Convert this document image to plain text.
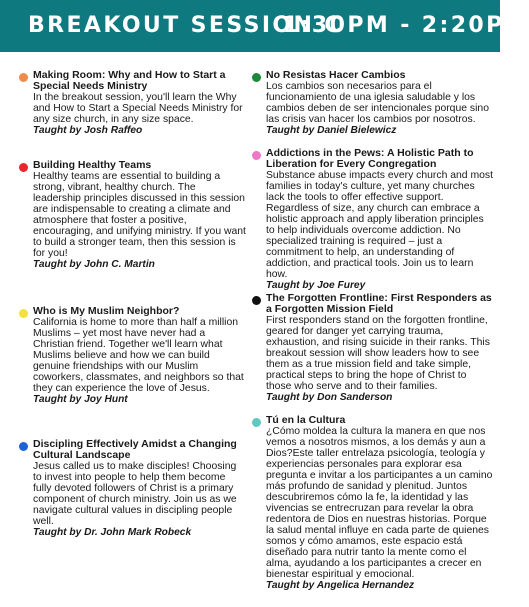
BREAKOUT SESSION C
1:30PM - 2:20PM
Making Room: Why and How to Start a Special Needs Ministry
In the breakout session, you'll learn the Why and How to Start a Special Needs Ministry for any size church, in any size space.
Taught by Josh Raffeo
Building Healthy Teams
Healthy teams are essential to building a strong, vibrant, healthy church. The leadership principles discussed in this session are indispensable to creating a climate and atmosphere that foster a positive, encouraging, and unifying ministry. If you want to build a stronger team, then this session is for you!
Taught by John C. Martin
Who is My Muslim Neighbor?
California is home to more than half a million Muslims – yet most have never had a Christian friend. Together we'll learn what Muslims believe and how we can build genuine friendships with our Muslim coworkers, classmates, and neighbors so that they can experience the love of Jesus.
Taught by Joy Hunt
Discipling Effectively Amidst a Changing Cultural Landscape
Jesus called us to make disciples! Choosing to invest into people to help them become fully devoted followers of Christ is a primary component of church ministry. Join us as we navigate cultural values in discipling people well.
Taught by Dr. John Mark Robeck
No Resistas Hacer Cambios
Los cambios son necesarios para el funcionamiento de una iglesia saludable y los cambios deben de ser intencionales porque sino las crisis van hacer los cambios por nosotros.
Taught by Daniel Bielewicz
Addictions in the Pews: A Holistic Path to Liberation for Every Congregation
Substance abuse impacts every church and most families in today's culture, yet many churches lack the tools to offer effective support. Regardless of size, any church can embrace a holistic approach and apply liberation principles to help individuals overcome addiction. No specialized training is required – just a commitment to help, an understanding of addiction, and practical tools. Join us to learn how.
Taught by Joe Furey
The Forgotten Frontline: First Responders as a Forgotten Mission Field
First responders stand on the forgotten frontline, geared for danger yet carrying trauma, exhaustion, and rising suicide in their ranks. This breakout session will show leaders how to see them as a true mission field and take simple, practical steps to bring the hope of Christ to those who serve and to their families.
Taught by Don Sanderson
Tú en la Cultura
¿Cómo moldea la cultura la manera en que nos vemos a nosotros mismos, a los demás y aun a Dios?Este taller entrelaza psicología, teología y experiencias personales para explorar esa pregunta e invitar a los participantes a un camino más profundo de sanidad y plenitud. Juntos descubriremos cómo la fe, la identidad y las vivencias se entrecruzan para revelar la obra redentora de Dios en nuestras historias. Porque la salud mental influye en cada parte de quienes somos y cómo amamos, este espacio está diseñado para nutrir tanto la mente como el alma, ayudando a los participantes a crecer en bienestar espiritual y emocional.
Taught by Angelica Hernandez
